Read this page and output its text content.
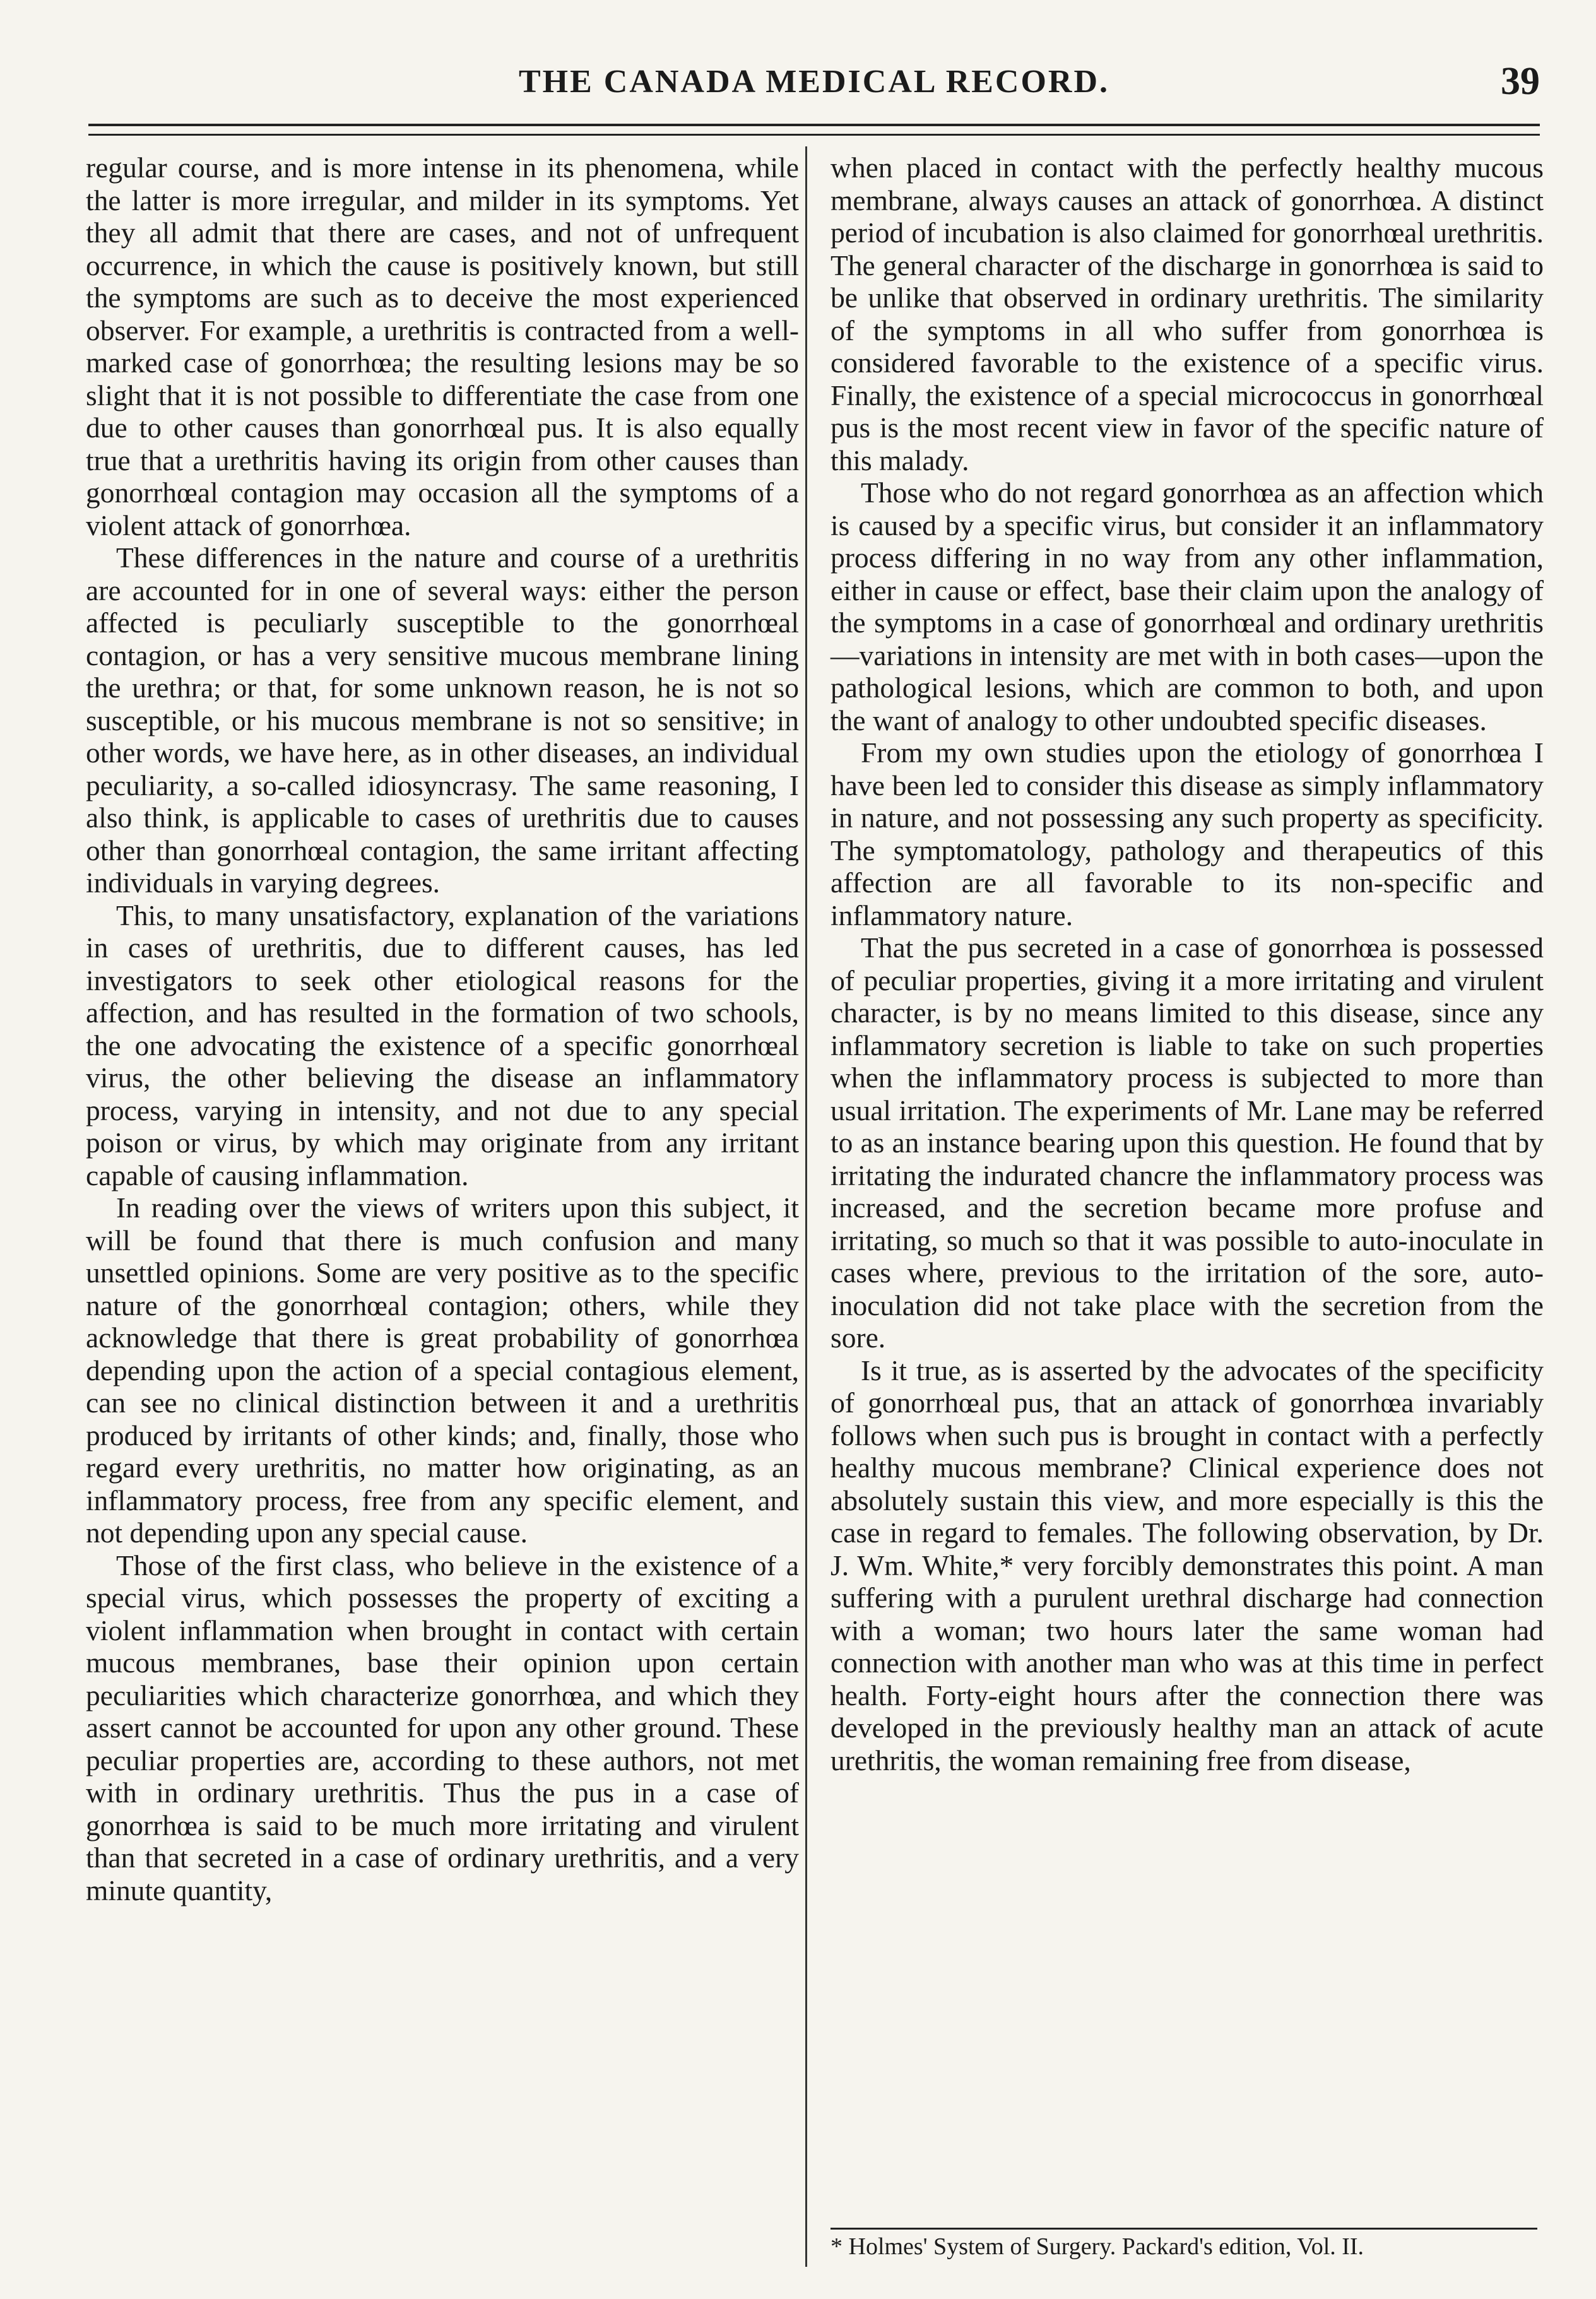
THE CANADA MEDICAL RECORD.	39

regular course, and is more intense in its phenomena, while the latter is more irregular, and milder in its symptoms. Yet they all admit that there are cases, and not of unfrequent occurrence, in which the cause is positively known, but still the symptoms are such as to deceive the most experienced observer. For example, a urethritis is contracted from a well-marked case of gonorrhœa; the resulting lesions may be so slight that it is not possible to differentiate the case from one due to other causes than gonorrhœal pus. It is also equally true that a urethritis having its origin from other causes than gonorrhœal contagion may occasion all the symptoms of a violent attack of gonorrhœa.

These differences in the nature and course of a urethritis are accounted for in one of several ways: either the person affected is peculiarly susceptible to the gonorrhœal contagion, or has a very sensitive mucous membrane lining the urethra; or that, for some unknown reason, he is not so susceptible, or his mucous membrane is not so sensitive; in other words, we have here, as in other diseases, an individual peculiarity, a so-called idiosyncrasy. The same reasoning, I also think, is applicable to cases of urethritis due to causes other than gonorrhœal contagion, the same irritant affecting individuals in varying degrees.

This, to many unsatisfactory, explanation of the variations in cases of urethritis, due to different causes, has led investigators to seek other etiological reasons for the affection, and has resulted in the formation of two schools, the one advocating the existence of a specific gonorrhœal virus, the other believing the disease an inflammatory process, varying in intensity, and not due to any special poison or virus, by which may originate from any irritant capable of causing inflammation.

In reading over the views of writers upon this subject, it will be found that there is much confusion and many unsettled opinions. Some are very positive as to the specific nature of the gonorrhœal contagion; others, while they acknowledge that there is great probability of gonorrhœa depending upon the action of a special contagious element, can see no clinical distinction between it and a urethritis produced by irritants of other kinds; and, finally, those who regard every urethritis, no matter how originating, as an inflammatory process, free from any specific element, and not depending upon any special cause.

Those of the first class, who believe in the existence of a special virus, which possesses the property of exciting a violent inflammation when brought in contact with certain mucous membranes, base their opinion upon certain peculiarities which characterize gonorrhœa, and which they assert cannot be accounted for upon any other ground. These peculiar properties are, according to these authors, not met with in ordinary urethritis. Thus the pus in a case of gonorrhœa is said to be much more irritating and virulent than that secreted in a case of ordinary urethritis, and a very minute quantity,

when placed in contact with the perfectly healthy mucous membrane, always causes an attack of gonorrhœa. A distinct period of incubation is also claimed for gonorrhœal urethritis. The general character of the discharge in gonorrhœa is said to be unlike that observed in ordinary urethritis. The similarity of the symptoms in all who suffer from gonorrhœa is considered favorable to the existence of a specific virus. Finally, the existence of a special micrococcus in gonorrhœal pus is the most recent view in favor of the specific nature of this malady.

Those who do not regard gonorrhœa as an affection which is caused by a specific virus, but consider it an inflammatory process differing in no way from any other inflammation, either in cause or effect, base their claim upon the analogy of the symptoms in a case of gonorrhœal and ordinary urethritis—variations in intensity are met with in both cases—upon the pathological lesions, which are common to both, and upon the want of analogy to other undoubted specific diseases.

From my own studies upon the etiology of gonorrhœa I have been led to consider this disease as simply inflammatory in nature, and not possessing any such property as specificity. The symptomatology, pathology and therapeutics of this affection are all favorable to its non-specific and inflammatory nature.

That the pus secreted in a case of gonorrhœa is possessed of peculiar properties, giving it a more irritating and virulent character, is by no means limited to this disease, since any inflammatory secretion is liable to take on such properties when the inflammatory process is subjected to more than usual irritation. The experiments of Mr. Lane may be referred to as an instance bearing upon this question. He found that by irritating the indurated chancre the inflammatory process was increased, and the secretion became more profuse and irritating, so much so that it was possible to auto-inoculate in cases where, previous to the irritation of the sore, auto-inoculation did not take place with the secretion from the sore.

Is it true, as is asserted by the advocates of the specificity of gonorrhœal pus, that an attack of gonorrhœa invariably follows when such pus is brought in contact with a perfectly healthy mucous membrane? Clinical experience does not absolutely sustain this view, and more especially is this the case in regard to females. The following observation, by Dr. J. Wm. White,* very forcibly demonstrates this point. A man suffering with a purulent urethral discharge had connection with a woman; two hours later the same woman had connection with another man who was at this time in perfect health. Forty-eight hours after the connection there was developed in the previously healthy man an attack of acute urethritis, the woman remaining free from disease,

* Holmes' System of Surgery. Packard's edition, Vol. II.
